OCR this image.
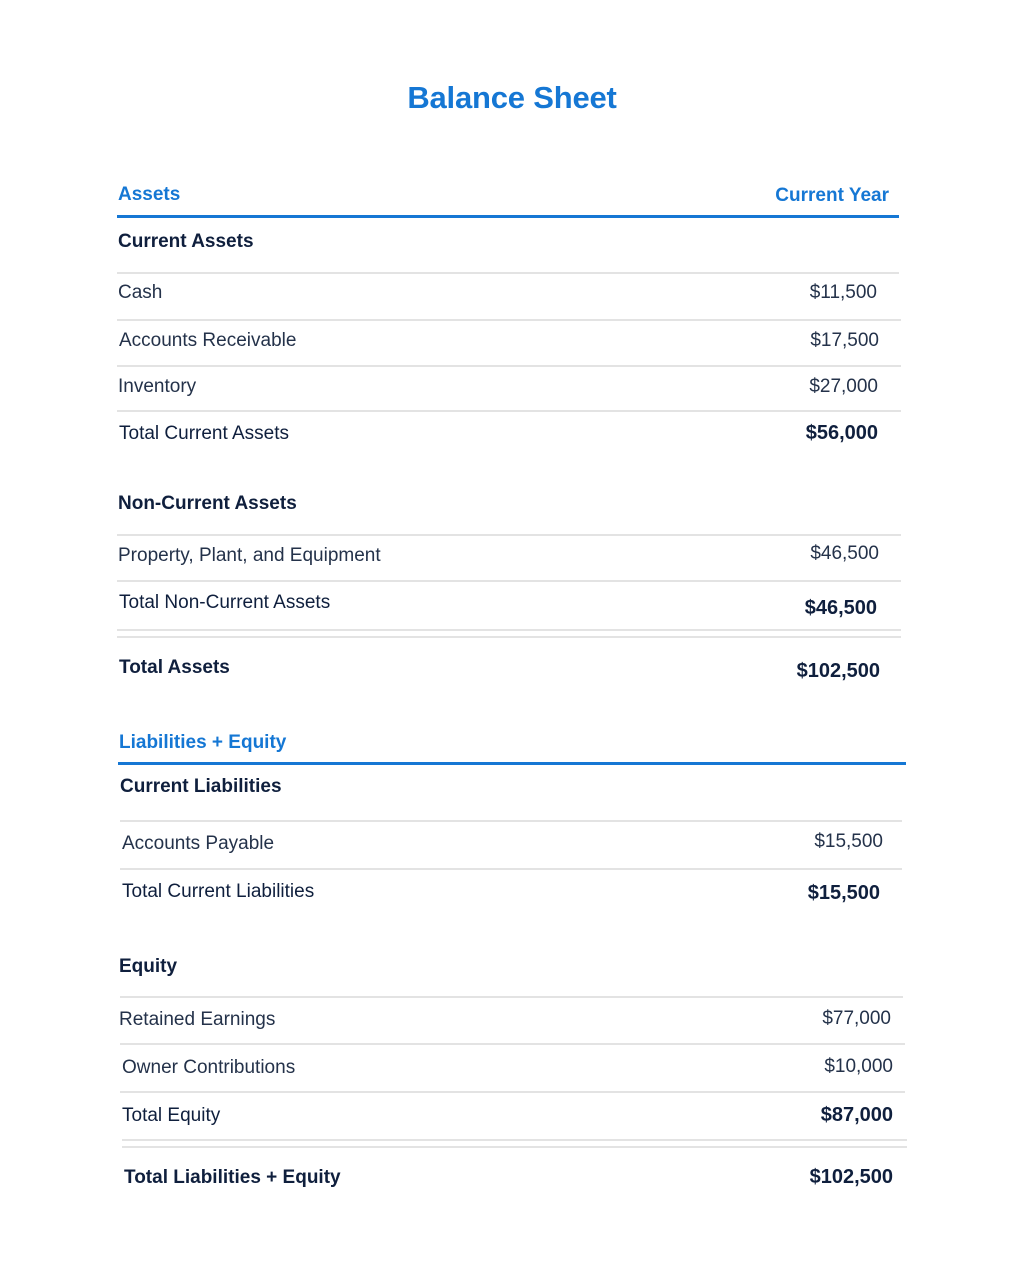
Balance Sheet
Assets	Current Year
Current Assets
Cash	$11,500
Accounts Receivable	$17,500
Inventory	$27,000
Total Current Assets	$56,000
Non-Current Assets
Property, Plant, and Equipment	$46,500
Total Non-Current Assets	$46,500
Total Assets	$102,500
Liabilities + Equity
Current Liabilities
Accounts Payable	$15,500
Total Current Liabilities	$15,500
Equity
Retained Earnings	$77,000
Owner Contributions	$10,000
Total Equity	$87,000
Total Liabilities + Equity	$102,500
